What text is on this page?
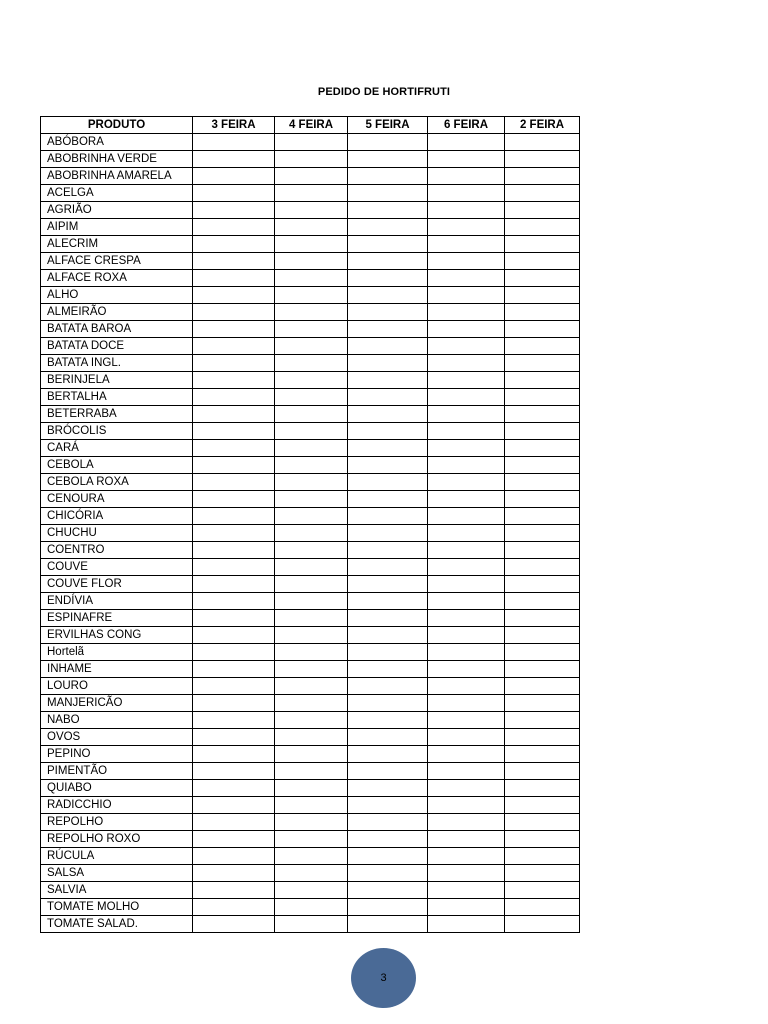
PEDIDO DE HORTIFRUTI
PRODUTO	3 FEIRA	4 FEIRA	5 FEIRA	6 FEIRA	2 FEIRA
ABÓBORA					
ABOBRINHA VERDE					
ABOBRINHA AMARELA					
ACELGA					
AGRIÃO					
AIPIM					
ALECRIM					
ALFACE CRESPA					
ALFACE ROXA					
ALHO					
ALMEIRÃO					
BATATA BAROA					
BATATA DOCE					
BATATA INGL.					
BERINJELA					
BERTALHA					
BETERRABA					
BRÓCOLIS					
CARÁ					
CEBOLA					
CEBOLA ROXA					
CENOURA					
CHICÓRIA					
CHUCHU					
COENTRO					
COUVE					
COUVE FLOR					
ENDÍVIA					
ESPINAFRE					
ERVILHAS CONG					
Hortelã					
INHAME					
LOURO					
MANJERICÃO					
NABO					
OVOS					
PEPINO					
PIMENTÃO					
QUIABO					
RADICCHIO					
REPOLHO					
REPOLHO ROXO					
RÚCULA					
SALSA					
SALVIA					
TOMATE MOLHO					
TOMATE SALAD.					
3
